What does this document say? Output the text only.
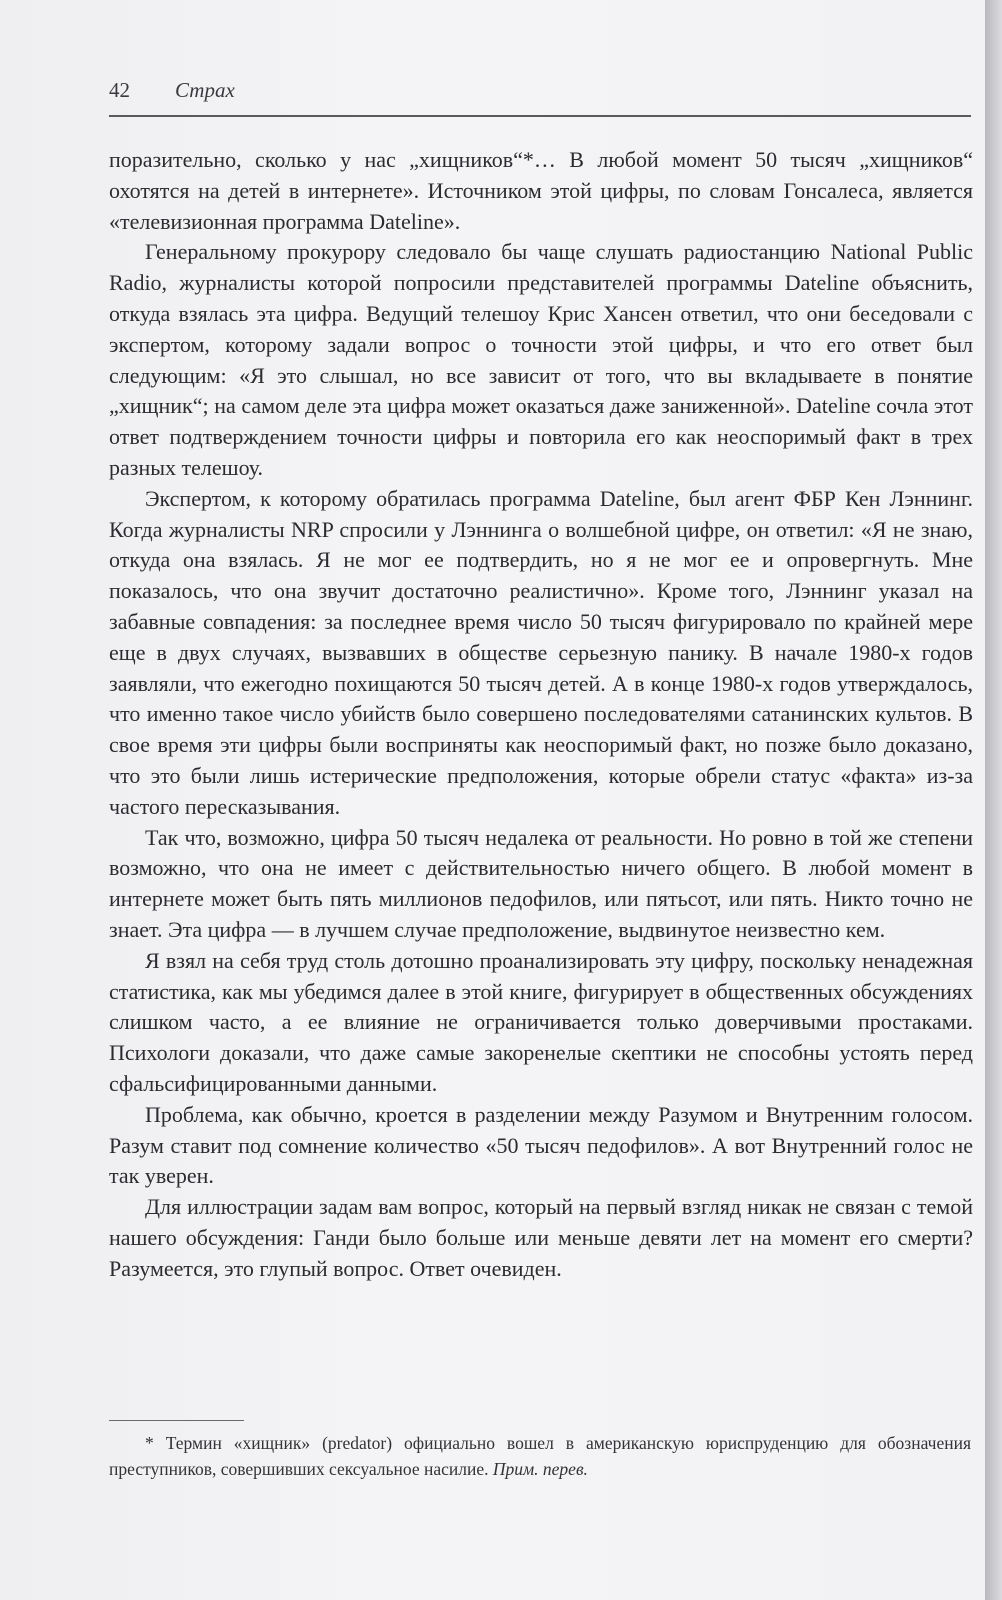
42 Страх

поразительно, сколько у нас „хищников“*… В любой момент 50 тысяч „хищников“ охотятся на детей в интернете». Источником этой цифры, по словам Гонсалеса, является «телевизионная программа Dateline».

Генеральному прокурору следовало бы чаще слушать радиостанцию National Public Radio, журналисты которой попросили представителей программы Dateline объяснить, откуда взялась эта цифра. Ведущий телешоу Крис Хансен ответил, что они беседовали с экспертом, которому задали вопрос о точности этой цифры, и что его ответ был следующим: «Я это слышал, но все зависит от того, что вы вкладываете в понятие „хищник“; на самом деле эта цифра может оказаться даже заниженной». Dateline сочла этот ответ подтверждением точности цифры и повторила его как неоспоримый факт в трех разных телешоу.

Экспертом, к которому обратилась программа Dateline, был агент ФБР Кен Лэннинг. Когда журналисты NRP спросили у Лэннинга о волшебной цифре, он ответил: «Я не знаю, откуда она взялась. Я не мог ее подтвердить, но я не мог ее и опровергнуть. Мне показалось, что она звучит достаточно реалистично». Кроме того, Лэннинг указал на забавные совпадения: за последнее время число 50 тысяч фигурировало по крайней мере еще в двух случаях, вызвавших в обществе серьезную панику. В начале 1980-х годов заявляли, что ежегодно похищаются 50 тысяч детей. А в конце 1980-х годов утверждалось, что именно такое число убийств было совершено последователями сатанинских культов. В свое время эти цифры были восприняты как неоспоримый факт, но позже было доказано, что это были лишь истерические предположения, которые обрели статус «факта» из-за частого пересказывания.

Так что, возможно, цифра 50 тысяч недалека от реальности. Но ровно в той же степени возможно, что она не имеет с действительностью ничего общего. В любой момент в интернете может быть пять миллионов педофилов, или пятьсот, или пять. Никто точно не знает. Эта цифра — в лучшем случае предположение, выдвинутое неизвестно кем.

Я взял на себя труд столь дотошно проанализировать эту цифру, поскольку ненадежная статистика, как мы убедимся далее в этой книге, фигурирует в общественных обсуждениях слишком часто, а ее влияние не ограничивается только доверчивыми простаками. Психологи доказали, что даже самые закоренелые скептики не способны устоять перед сфальсифицированными данными.

Проблема, как обычно, кроется в разделении между Разумом и Внутренним голосом. Разум ставит под сомнение количество «50 тысяч педофилов». А вот Внутренний голос не так уверен.

Для иллюстрации задам вам вопрос, который на первый взгляд никак не связан с темой нашего обсуждения: Ганди было больше или меньше девяти лет на момент его смерти? Разумеется, это глупый вопрос. Ответ очевиден.

* Термин «хищник» (predator) официально вошел в американскую юриспруденцию для обозначения преступников, совершивших сексуальное насилие. Прим. перев.
